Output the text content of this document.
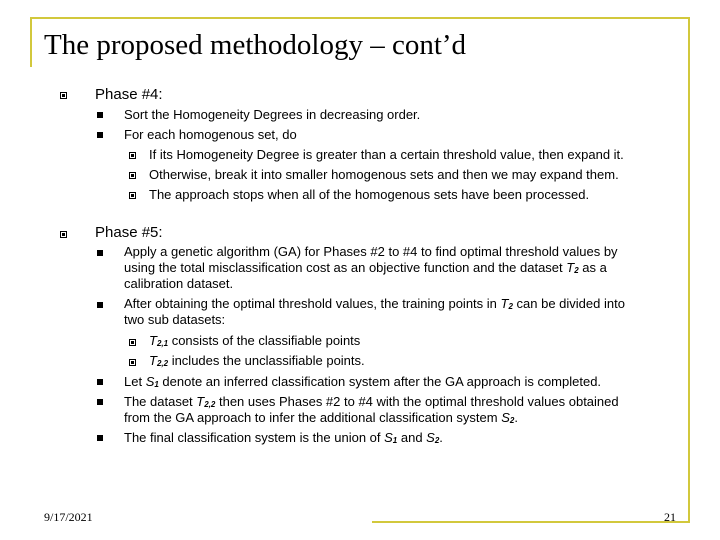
The proposed methodology – cont’d
Phase #4:
Sort the Homogeneity Degrees in decreasing order.
For each homogenous set, do
If its Homogeneity Degree is greater than a certain threshold value, then expand it.
Otherwise, break it into smaller homogenous sets and then we may expand them.
The approach stops when all of the homogenous sets have been processed.
Phase #5:
Apply a genetic algorithm (GA) for Phases #2 to #4 to find optimal threshold values by
using the total misclassification cost as an objective function and the dataset T2 as a
calibration dataset.
After obtaining the optimal threshold values, the training points in T2 can be divided into
two sub datasets:
T2,1 consists of the classifiable points
T2,2 includes the unclassifiable points.
Let S1 denote an inferred classification system after the GA approach is completed.
The dataset T2,2 then uses Phases #2 to #4 with the optimal threshold values obtained
from the GA approach to infer the additional classification system S2.
The final classification system is the union of S1 and S2.
9/17/2021	21
